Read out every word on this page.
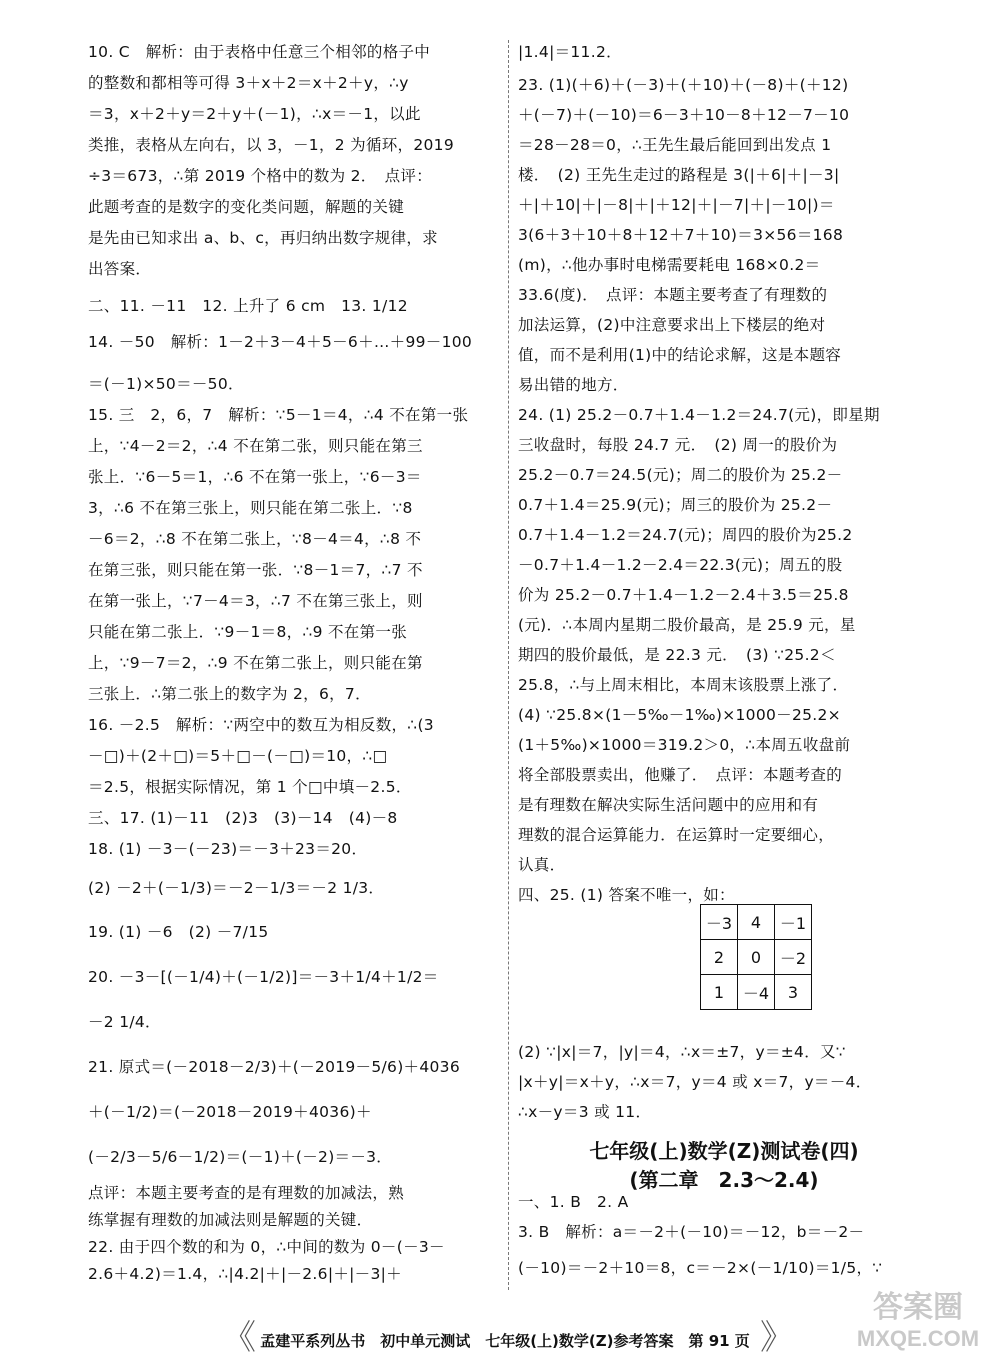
10. C　解析：由于表格中任意三个相邻的格子中
的整数和都相等可得 3＋x＋2＝x＋2＋y，∴y
＝3，x＋2＋y＝2＋y＋(－1)，∴x＝－1，以此
类推，表格从左向右，以 3，－1，2 为循环，2019
÷3＝673，∴第 2019 个格中的数为 2．　点评：
此题考查的是数字的变化类问题，解题的关键
是先由已知求出 a、b、c，再归纳出数字规律，求
出答案．
二、11. －11　12. 上升了 6 cm　13. 1/12
14. －50　解析：1－2＋3－4＋5－6＋…＋99－100
＝(－1)×50＝－50．
15. 三　2，6，7　解析：∵5－1＝4，∴4 不在第一张
上，∵4－2＝2，∴4 不在第二张，则只能在第三
张上．∵6－5＝1，∴6 不在第一张上，∵6－3＝
3，∴6 不在第三张上，则只能在第二张上．∵8
－6＝2，∴8 不在第二张上，∵8－4＝4，∴8 不
在第三张，则只能在第一张．∵8－1＝7，∴7 不
在第一张上，∵7－4＝3，∴7 不在第三张上，则
只能在第二张上．∵9－1＝8，∴9 不在第一张
上，∵9－7＝2，∴9 不在第二张上，则只能在第
三张上．∴第二张上的数字为 2，6，7．
16. －2.5　解析：∵两空中的数互为相反数，∴(3
－□)＋(2＋□)＝5＋□－(－□)＝10，∴□
＝2.5，根据实际情况，第 1 个□中填－2.5．
三、17. (1)－11　(2)3　(3)－14　(4)－8
18. (1) －3－(－23)＝－3＋23＝20．
(2) －2＋(－1/3)＝－2－1/3＝－2 1/3．
19. (1) －6　(2) －7/15
20. －3－[(－1/4)＋(－1/2)]＝－3＋1/4＋1/2＝
－2 1/4．
21. 原式＝(－2018－2/3)＋(－2019－5/6)＋4036
＋(－1/2)＝(－2018－2019＋4036)＋
(－2/3－5/6－1/2)＝(－1)＋(－2)＝－3．
点评：本题主要考查的是有理数的加减法，熟
练掌握有理数的加减法则是解题的关键．
22. 由于四个数的和为 0，∴中间的数为 0－(－3－
2.6＋4.2)＝1.4，∴|4.2|＋|－2.6|＋|－3|＋
|1.4|＝11.2．
23. (1)(＋6)＋(－3)＋(＋10)＋(－8)＋(＋12)
＋(－7)＋(－10)＝6－3＋10－8＋12－7－10
＝28－28＝0，∴王先生最后能回到出发点 1
楼．　(2) 王先生走过的路程是 3(|＋6|＋|－3|
＋|＋10|＋|－8|＋|＋12|＋|－7|＋|－10|)＝
3(6＋3＋10＋8＋12＋7＋10)＝3×56＝168
(m)，∴他办事时电梯需要耗电 168×0.2＝
33.6(度)．　点评：本题主要考查了有理数的
加法运算，(2)中注意要求出上下楼层的绝对
值，而不是利用(1)中的结论求解，这是本题容
易出错的地方．
24. (1) 25.2－0.7＋1.4－1.2＝24.7(元)，即星期
三收盘时，每股 24.7 元．　(2) 周一的股价为
25.2－0.7＝24.5(元)；周二的股价为 25.2－
0.7＋1.4＝25.9(元)；周三的股价为 25.2－
0.7＋1.4－1.2＝24.7(元)；周四的股价为25.2
－0.7＋1.4－1.2－2.4＝22.3(元)；周五的股
价为 25.2－0.7＋1.4－1.2－2.4＋3.5＝25.8
(元)．∴本周内星期二股价最高，是 25.9 元，星
期四的股价最低，是 22.3 元．　(3) ∵25.2＜
25.8，∴与上周末相比，本周末该股票上涨了．
(4) ∵25.8×(1－5‰－1‰)×1000－25.2×
(1＋5‰)×1000＝319.2＞0，∴本周五收盘前
将全部股票卖出，他赚了．　点评：本题考查的
是有理数在解决实际生活问题中的应用和有
理数的混合运算能力．在运算时一定要细心，
认真．
四、25. (1) 答案不唯一，如：
(2) ∵|x|＝7，|y|＝4，∴x＝±7，y＝±4．又∵
|x＋y|＝x＋y，∴x＝7，y＝4 或 x＝7，y＝－4．
∴x－y＝3 或 11．
七年级(上)数学(Z)测试卷(四)
(第二章　2.3～2.4)
一、1. B　2. A
3. B　解析：a＝－2＋(－10)＝－12，b＝－2－
(－10)＝－2＋10＝8，c＝－2×(－1/10)＝1/5，∵
－3	4	－1
2	0	－2
1	－4	3
《 孟建平系列丛书　初中单元测试　七年级(上)数学(Z)参考答案　第 91 页 》
答案圈
MXQE.COM
